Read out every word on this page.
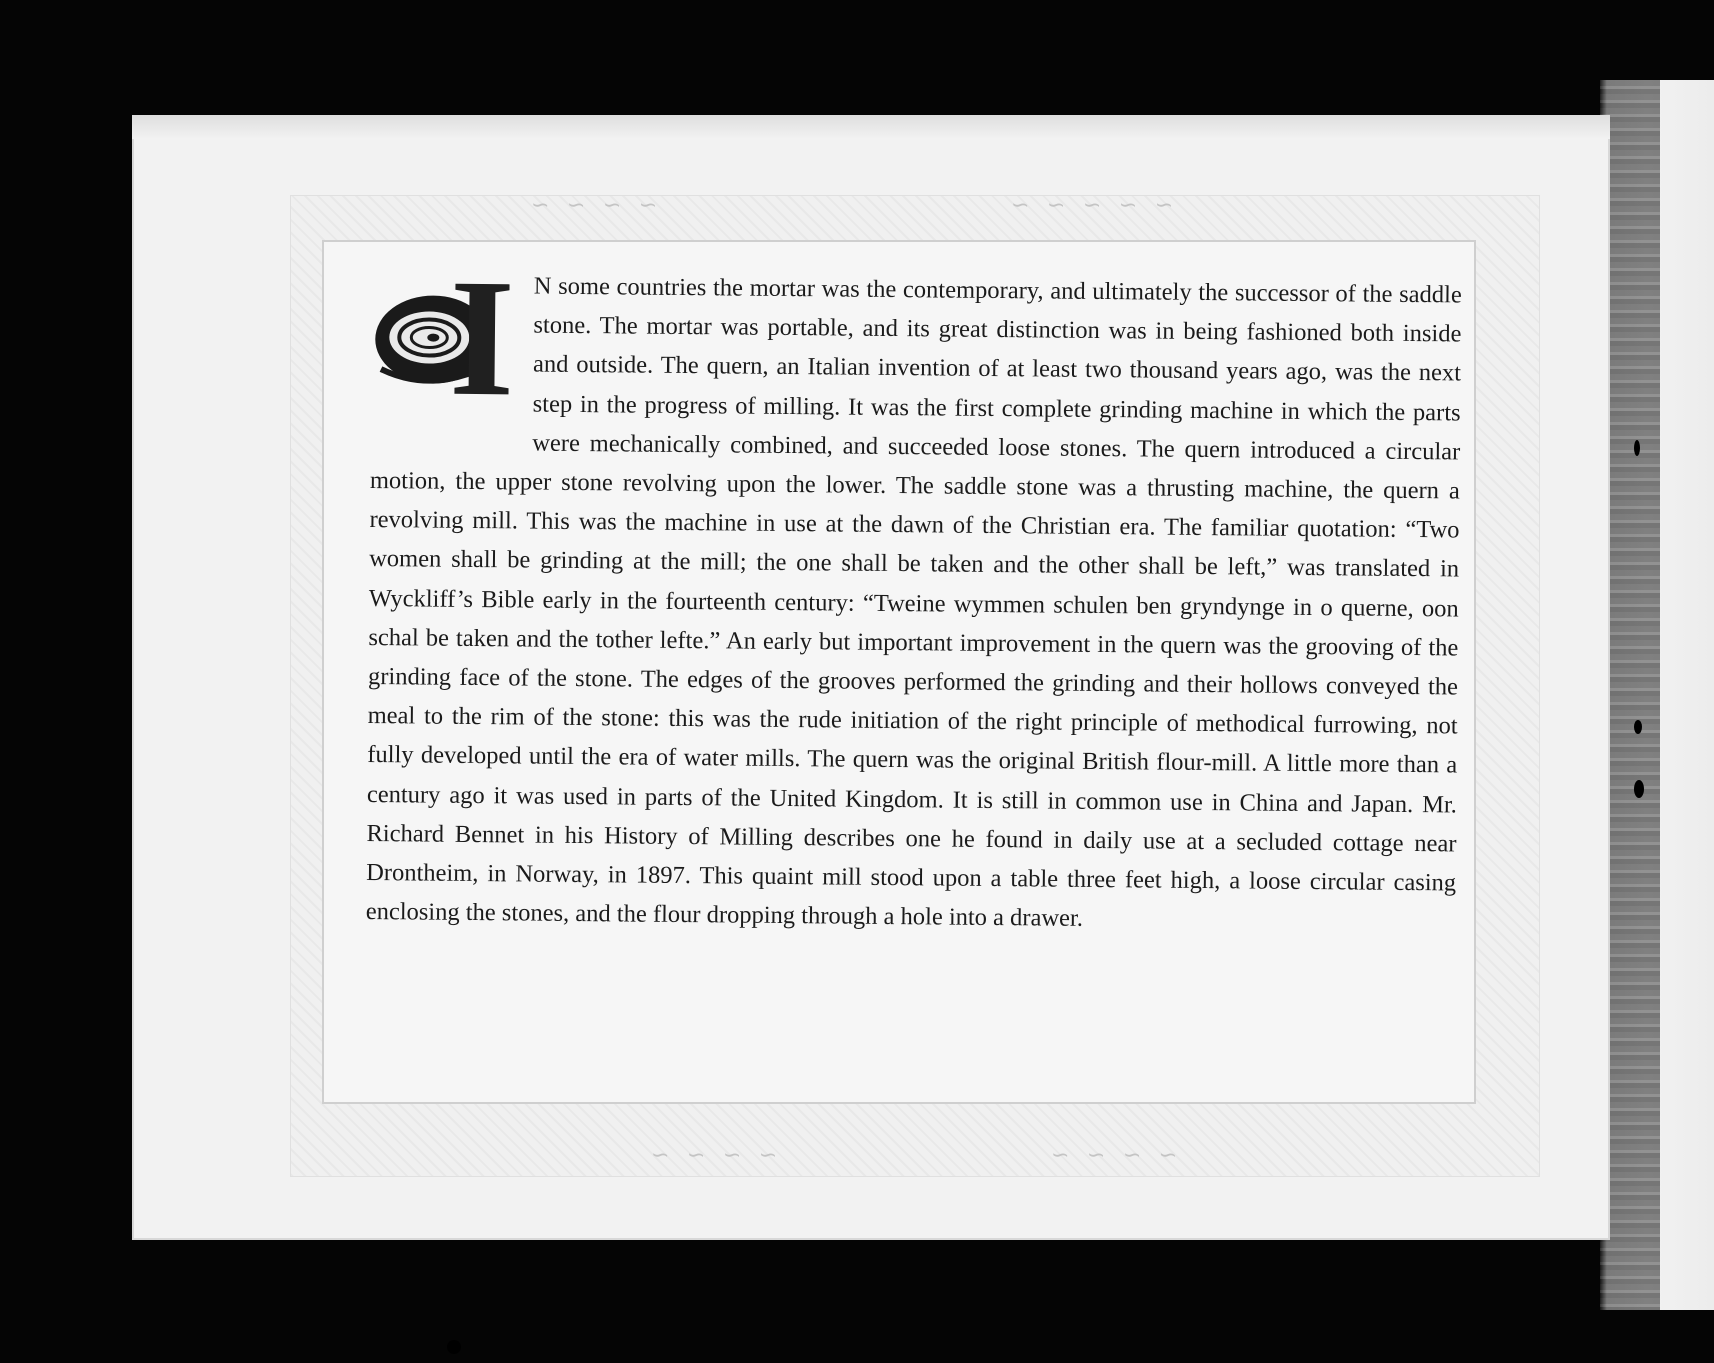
∽ ∽ ∽ ∽	∽ ∽ ∽ ∽ ∽
∽ ∽ ∽ ∽	∽ ∽ ∽ ∽
I N some countries the mortar was the contemporary, and ultimately the successor of the saddle stone. The mortar was portable, and its great distinction was in being fashioned both inside and outside. The quern, an Italian invention of at least two thousand years ago, was the next step in the progress of milling. It was the first complete grinding machine in which the parts were mechanically combined, and succeeded loose stones. The quern introduced a circular motion, the upper stone revolving upon the lower. The saddle stone was a thrusting machine, the quern a revolving mill. This was the machine in use at the dawn of the Christian era. The familiar quotation: “Two women shall be grinding at the mill; the one shall be taken and the other shall be left,” was translated in Wyckliff’s Bible early in the fourteenth century: “Tweine wymmen schulen ben gryndynge in o querne, oon schal be taken and the tother lefte.” An early but important improvement in the quern was the grooving of the grinding face of the stone. The edges of the grooves performed the grinding and their hollows conveyed the meal to the rim of the stone: this was the rude initiation of the right principle of methodical furrowing, not fully developed until the era of water mills. The quern was the original British flour-mill. A little more than a century ago it was used in parts of the United Kingdom. It is still in common use in China and Japan. Mr. Richard Bennet in his History of Milling describes one he found in daily use at a secluded cottage near Drontheim, in Norway, in 1897. This quaint mill stood upon a table three feet high, a loose circular casing enclosing the stones, and the flour dropping through a hole into a drawer.
